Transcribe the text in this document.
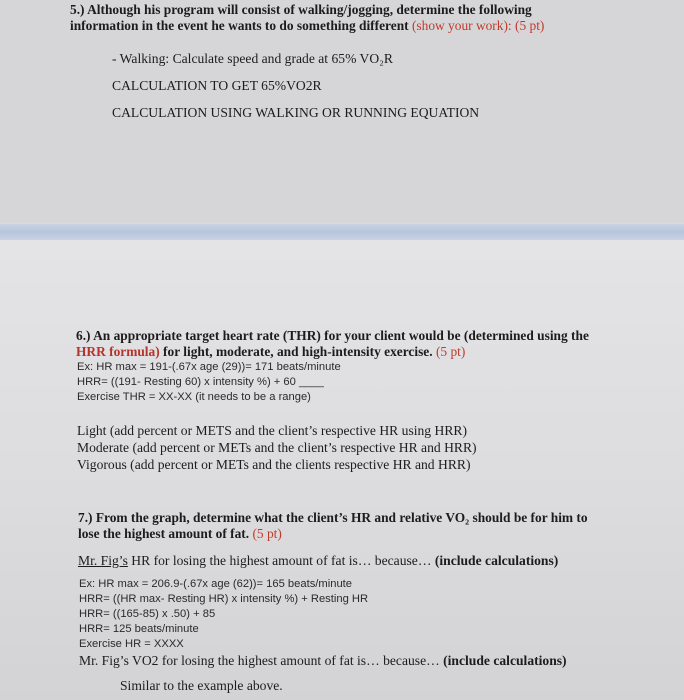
5.) Although his program will consist of walking/jogging, determine the following
information in the event he wants to do something different (show your work): (5 pt)
- Walking: Calculate speed and grade at 65% VO₂R
CALCULATION TO GET 65%VO2R
CALCULATION USING WALKING OR RUNNING EQUATION
6.) An appropriate target heart rate (THR) for your client would be (determined using the
HRR formula) for light, moderate, and high-intensity exercise. (5 pt)
Ex: HR max = 191-(.67x age (29))= 171 beats/minute
HRR= ((191- Resting 60) x intensity %) + 60 ____
Exercise THR = XX-XX (it needs to be a range)
Light (add percent or METS and the client’s respective HR using HRR)
Moderate (add percent or METs and the client’s respective HR and HRR)
Vigorous (add percent or METs and the clients respective HR and HRR)
7.) From the graph, determine what the client’s HR and relative VO₂ should be for him to
lose the highest amount of fat. (5 pt)
Mr. Fig’s HR for losing the highest amount of fat is… because… (include calculations)
Ex: HR max = 206.9-(.67x age (62))= 165 beats/minute
HRR= ((HR max- Resting HR) x intensity %) + Resting HR
HRR= ((165-85) x .50) + 85
HRR= 125 beats/minute
Exercise HR = XXXX
Mr. Fig’s VO2 for losing the highest amount of fat is… because… (include calculations)
Similar to the example above.
